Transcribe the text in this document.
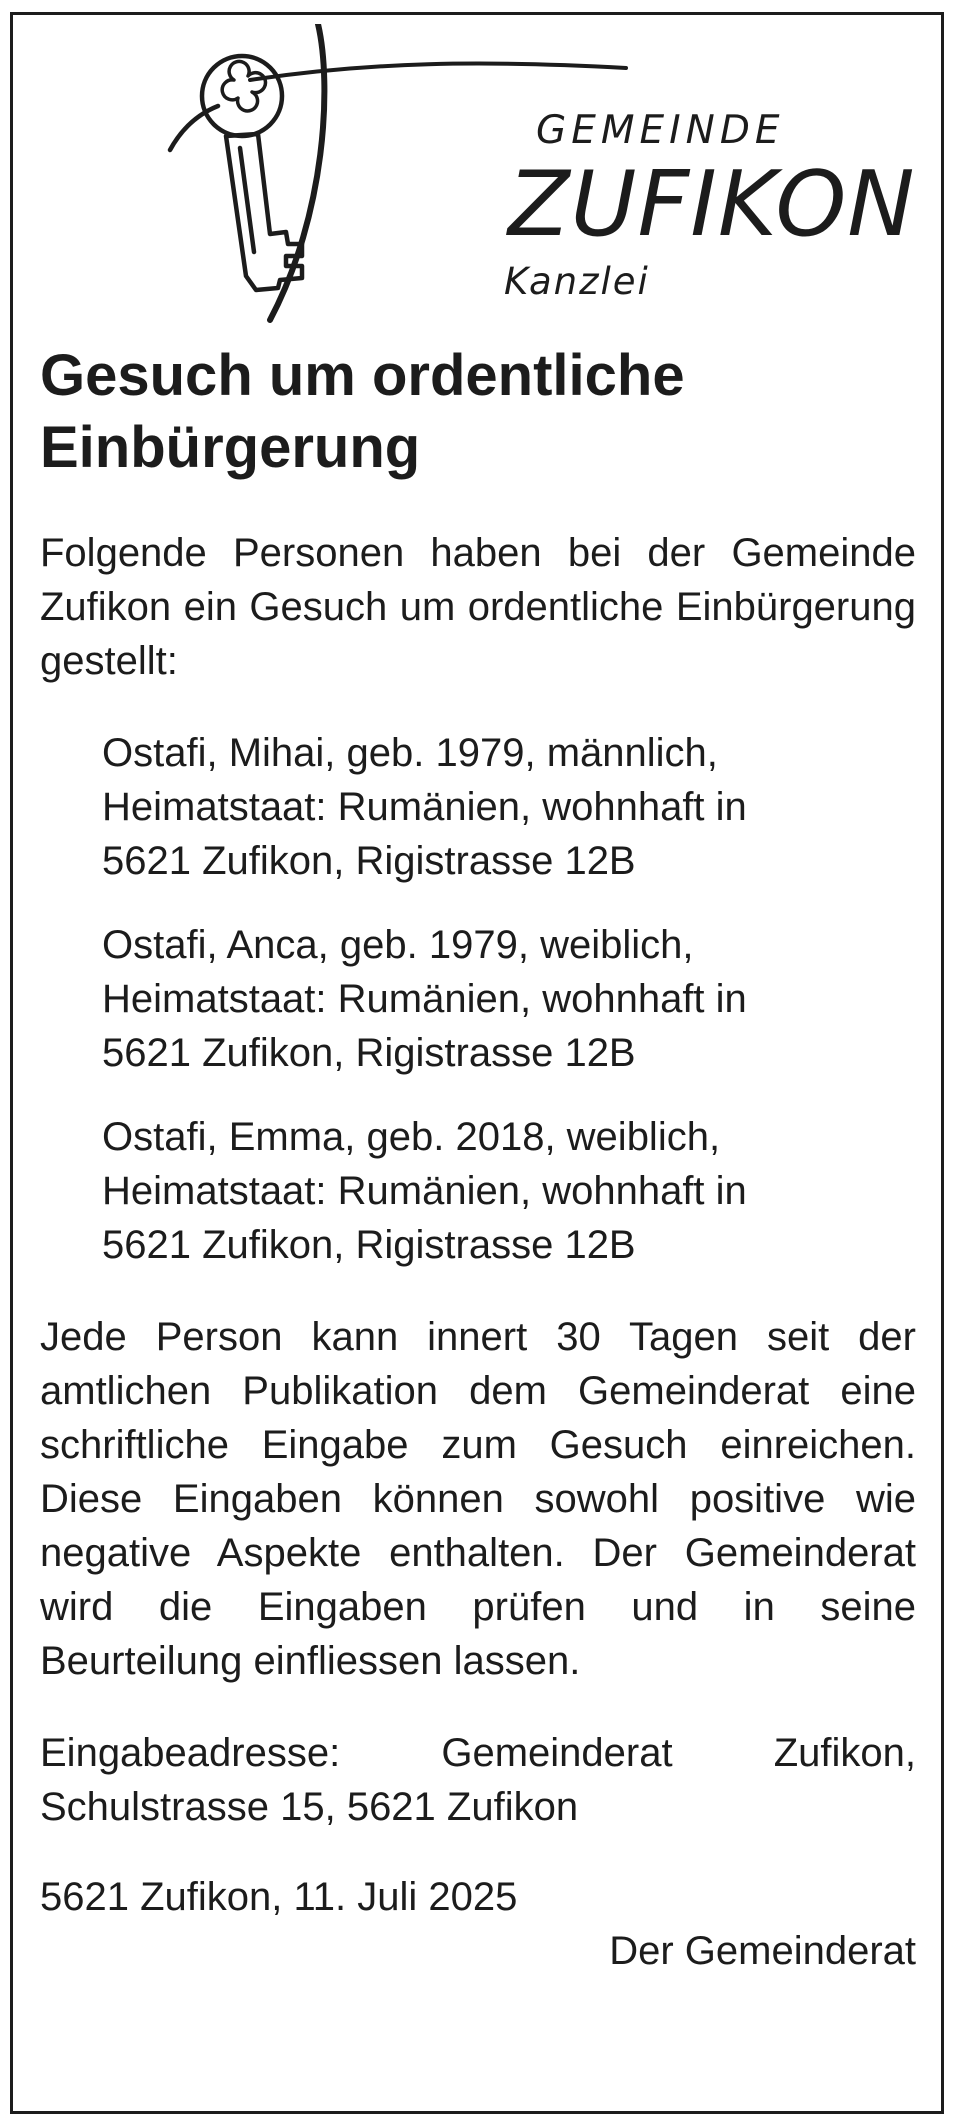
GEMEINDE

ZUFIKON

Kanzlei

Gesuch um ordentliche Einbürgerung

Folgende Personen haben bei der Gemeinde Zufikon ein Gesuch um ordentliche Einbürgerung gestellt:

Ostafi, Mihai, geb. 1979, männlich,
Heimatstaat: Rumänien, wohnhaft in
5621 Zufikon, Rigistrasse 12B
Ostafi, Anca, geb. 1979, weiblich,
Heimatstaat: Rumänien, wohnhaft in
5621 Zufikon, Rigistrasse 12B
Ostafi, Emma, geb. 2018, weiblich,
Heimatstaat: Rumänien, wohnhaft in
5621 Zufikon, Rigistrasse 12B

Jede Person kann innert 30 Tagen seit der amtlichen Publikation dem Gemeinderat eine schriftliche Eingabe zum Gesuch einreichen. Diese Eingaben können sowohl positive wie negative Aspekte enthalten. Der Gemeinderat wird die Eingaben prüfen und in seine Beurteilung einfliessen lassen.

Eingabeadresse: Gemeinderat Zufikon, Schulstrasse 15, 5621 Zufikon

5621 Zufikon, 11. Juli 2025

Der Gemeinderat
